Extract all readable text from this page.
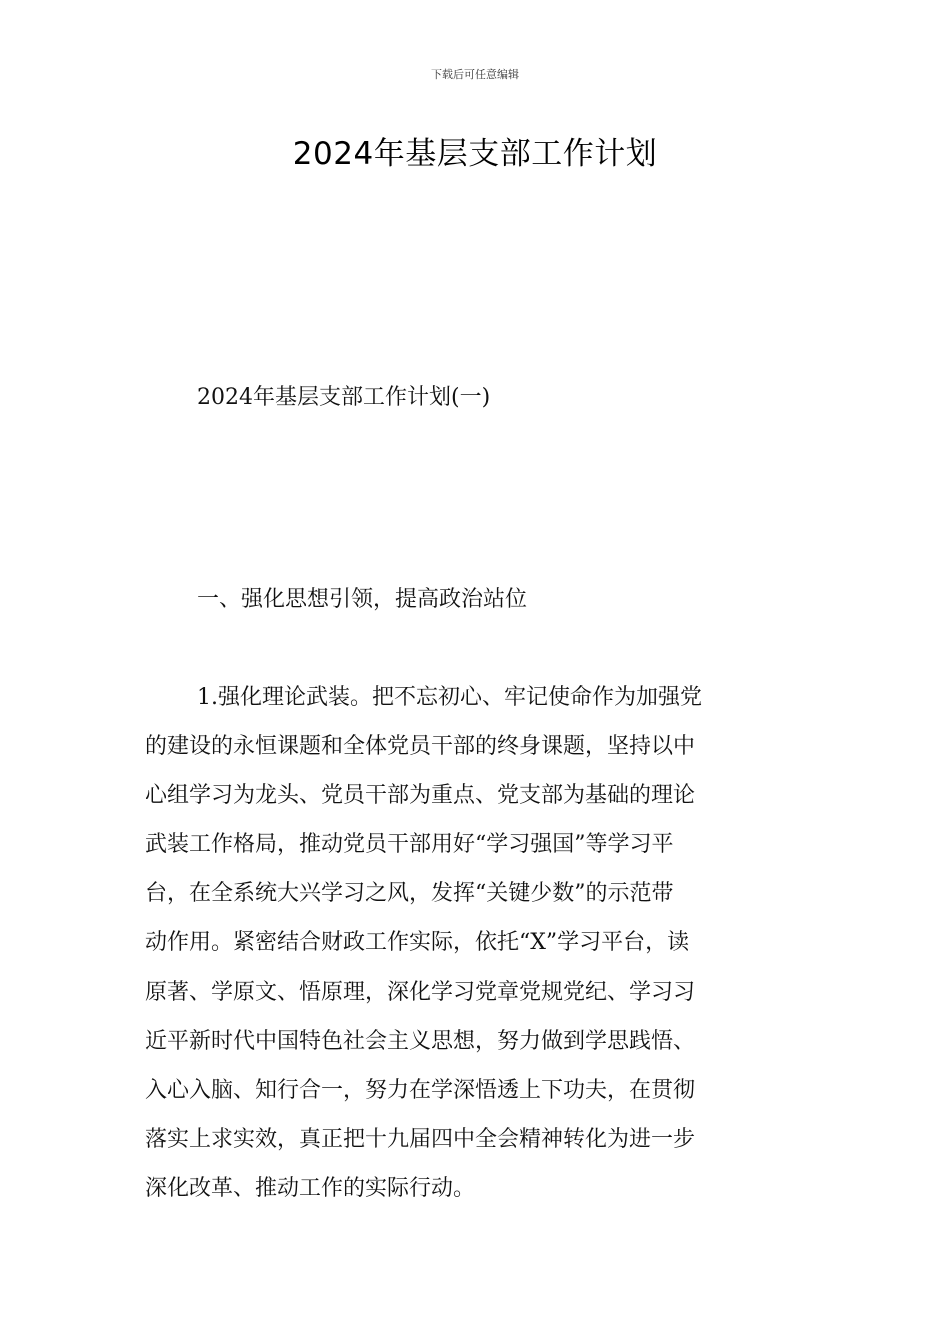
下载后可任意编辑
2024年基层支部工作计划
2024年基层支部工作计划(一)
一、强化思想引领，提高政治站位

1.强化理论武装。把不忘初心、牢记使命作为加强党
的建设的永恒课题和全体党员干部的终身课题，坚持以中
心组学习为龙头、党员干部为重点、党支部为基础的理论
武装工作格局，推动党员干部用好“学习强国”等学习平
台，在全系统大兴学习之风，发挥“关键少数”的示范带
动作用。紧密结合财政工作实际，依托“X”学习平台，读
原著、学原文、悟原理，深化学习党章党规党纪、学习习
近平新时代中国特色社会主义思想，努力做到学思践悟、
入心入脑、知行合一，努力在学深悟透上下功夫，在贯彻
落实上求实效，真正把十九届四中全会精神转化为进一步
深化改革、推动工作的实际行动。
